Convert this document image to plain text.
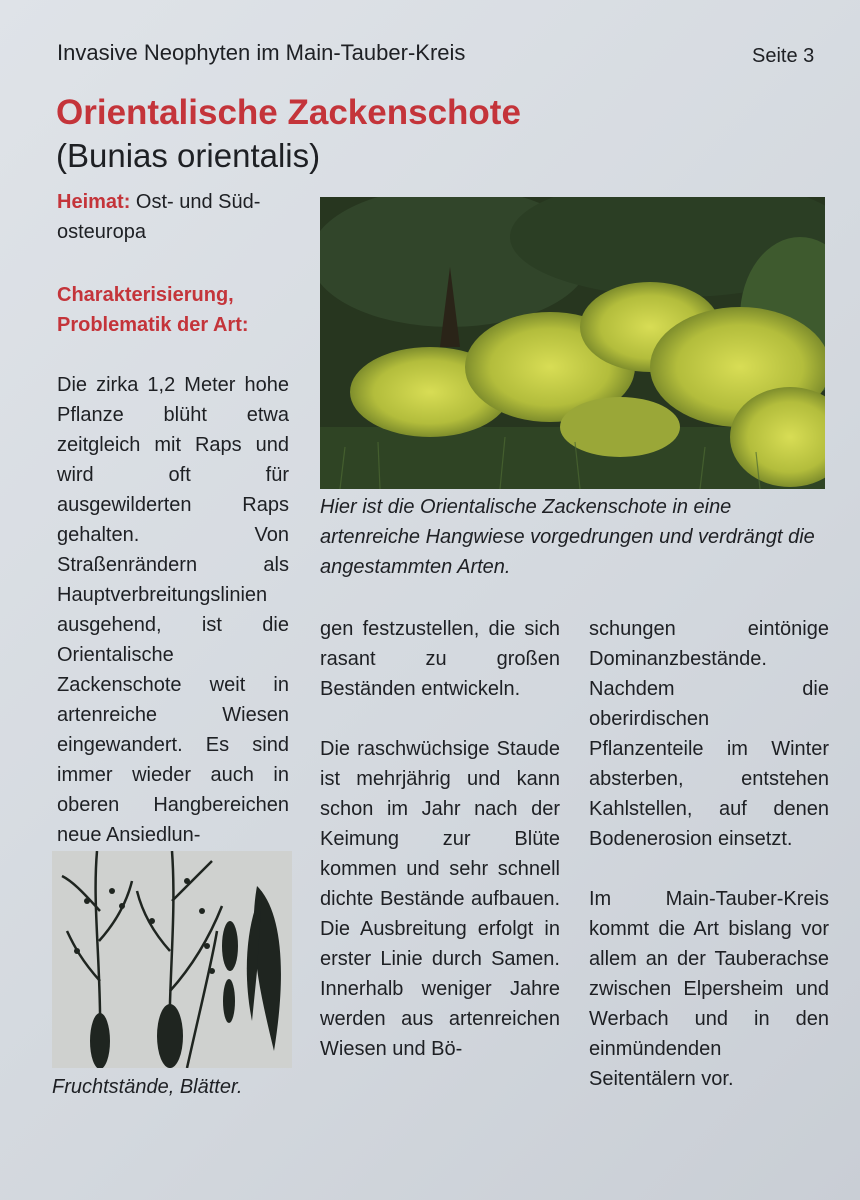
Invasive Neophyten im Main-Tauber-Kreis	Seite 3
Orientalische Zackenschote
(Bunias orientalis)

Heimat: Ost- und Süd-osteuropa

Charakterisierung, Problematik der Art:

Die zirka 1,2 Meter hohe Pflanze blüht etwa zeitgleich mit Raps und wird oft für ausgewilderten Raps gehalten. Von Straßenrändern als Hauptverbreitungslinien ausgehend, ist die Orientalische Zackenschote weit in artenreiche Wiesen eingewandert. Es sind immer wieder auch in oberen Hangbereichen neue Ansiedlun-

Fruchtstände, Blätter.
Hier ist die Orientalische Zackenschote in eine artenreiche Hangwiese vorgedrungen und verdrängt die angestammten Arten.

gen festzustellen, die sich rasant zu großen Beständen entwickeln.

Die raschwüchsige Staude ist mehrjährig und kann schon im Jahr nach der Keimung zur Blüte kommen und sehr schnell dichte Bestände aufbauen. Die Ausbreitung erfolgt in erster Linie durch Samen. Innerhalb weniger Jahre werden aus artenreichen Wiesen und Bö-

schungen eintönige Dominanzbestände. Nachdem die oberirdischen Pflanzenteile im Winter absterben, entstehen Kahlstellen, auf denen Bodenerosion einsetzt.

Im Main-Tauber-Kreis kommt die Art bislang vor allem an der Tauberachse zwischen Elpersheim und Werbach und in den einmündenden Seitentälern vor.
